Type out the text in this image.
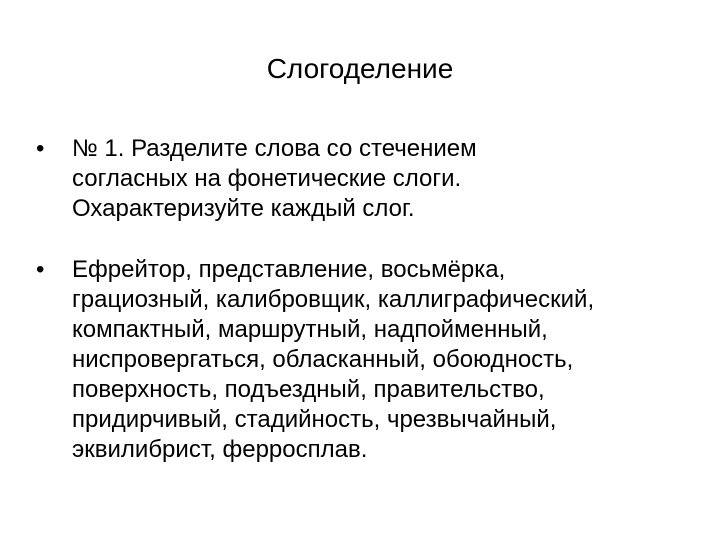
Слогоделение
•	№ 1. Разделите слова со стечением
согласных на фонетические слоги.
Охарактеризуйте каждый слог.
•	Ефрейтор, представление, восьмёрка,
грациозный, калибровщик, каллиграфический,
компактный, маршрутный, надпойменный,
ниспровергаться, обласканный, обоюдность,
поверхность, подъездный, правительство,
придирчивый, стадийность, чрезвычайный,
эквилибрист, ферросплав.
